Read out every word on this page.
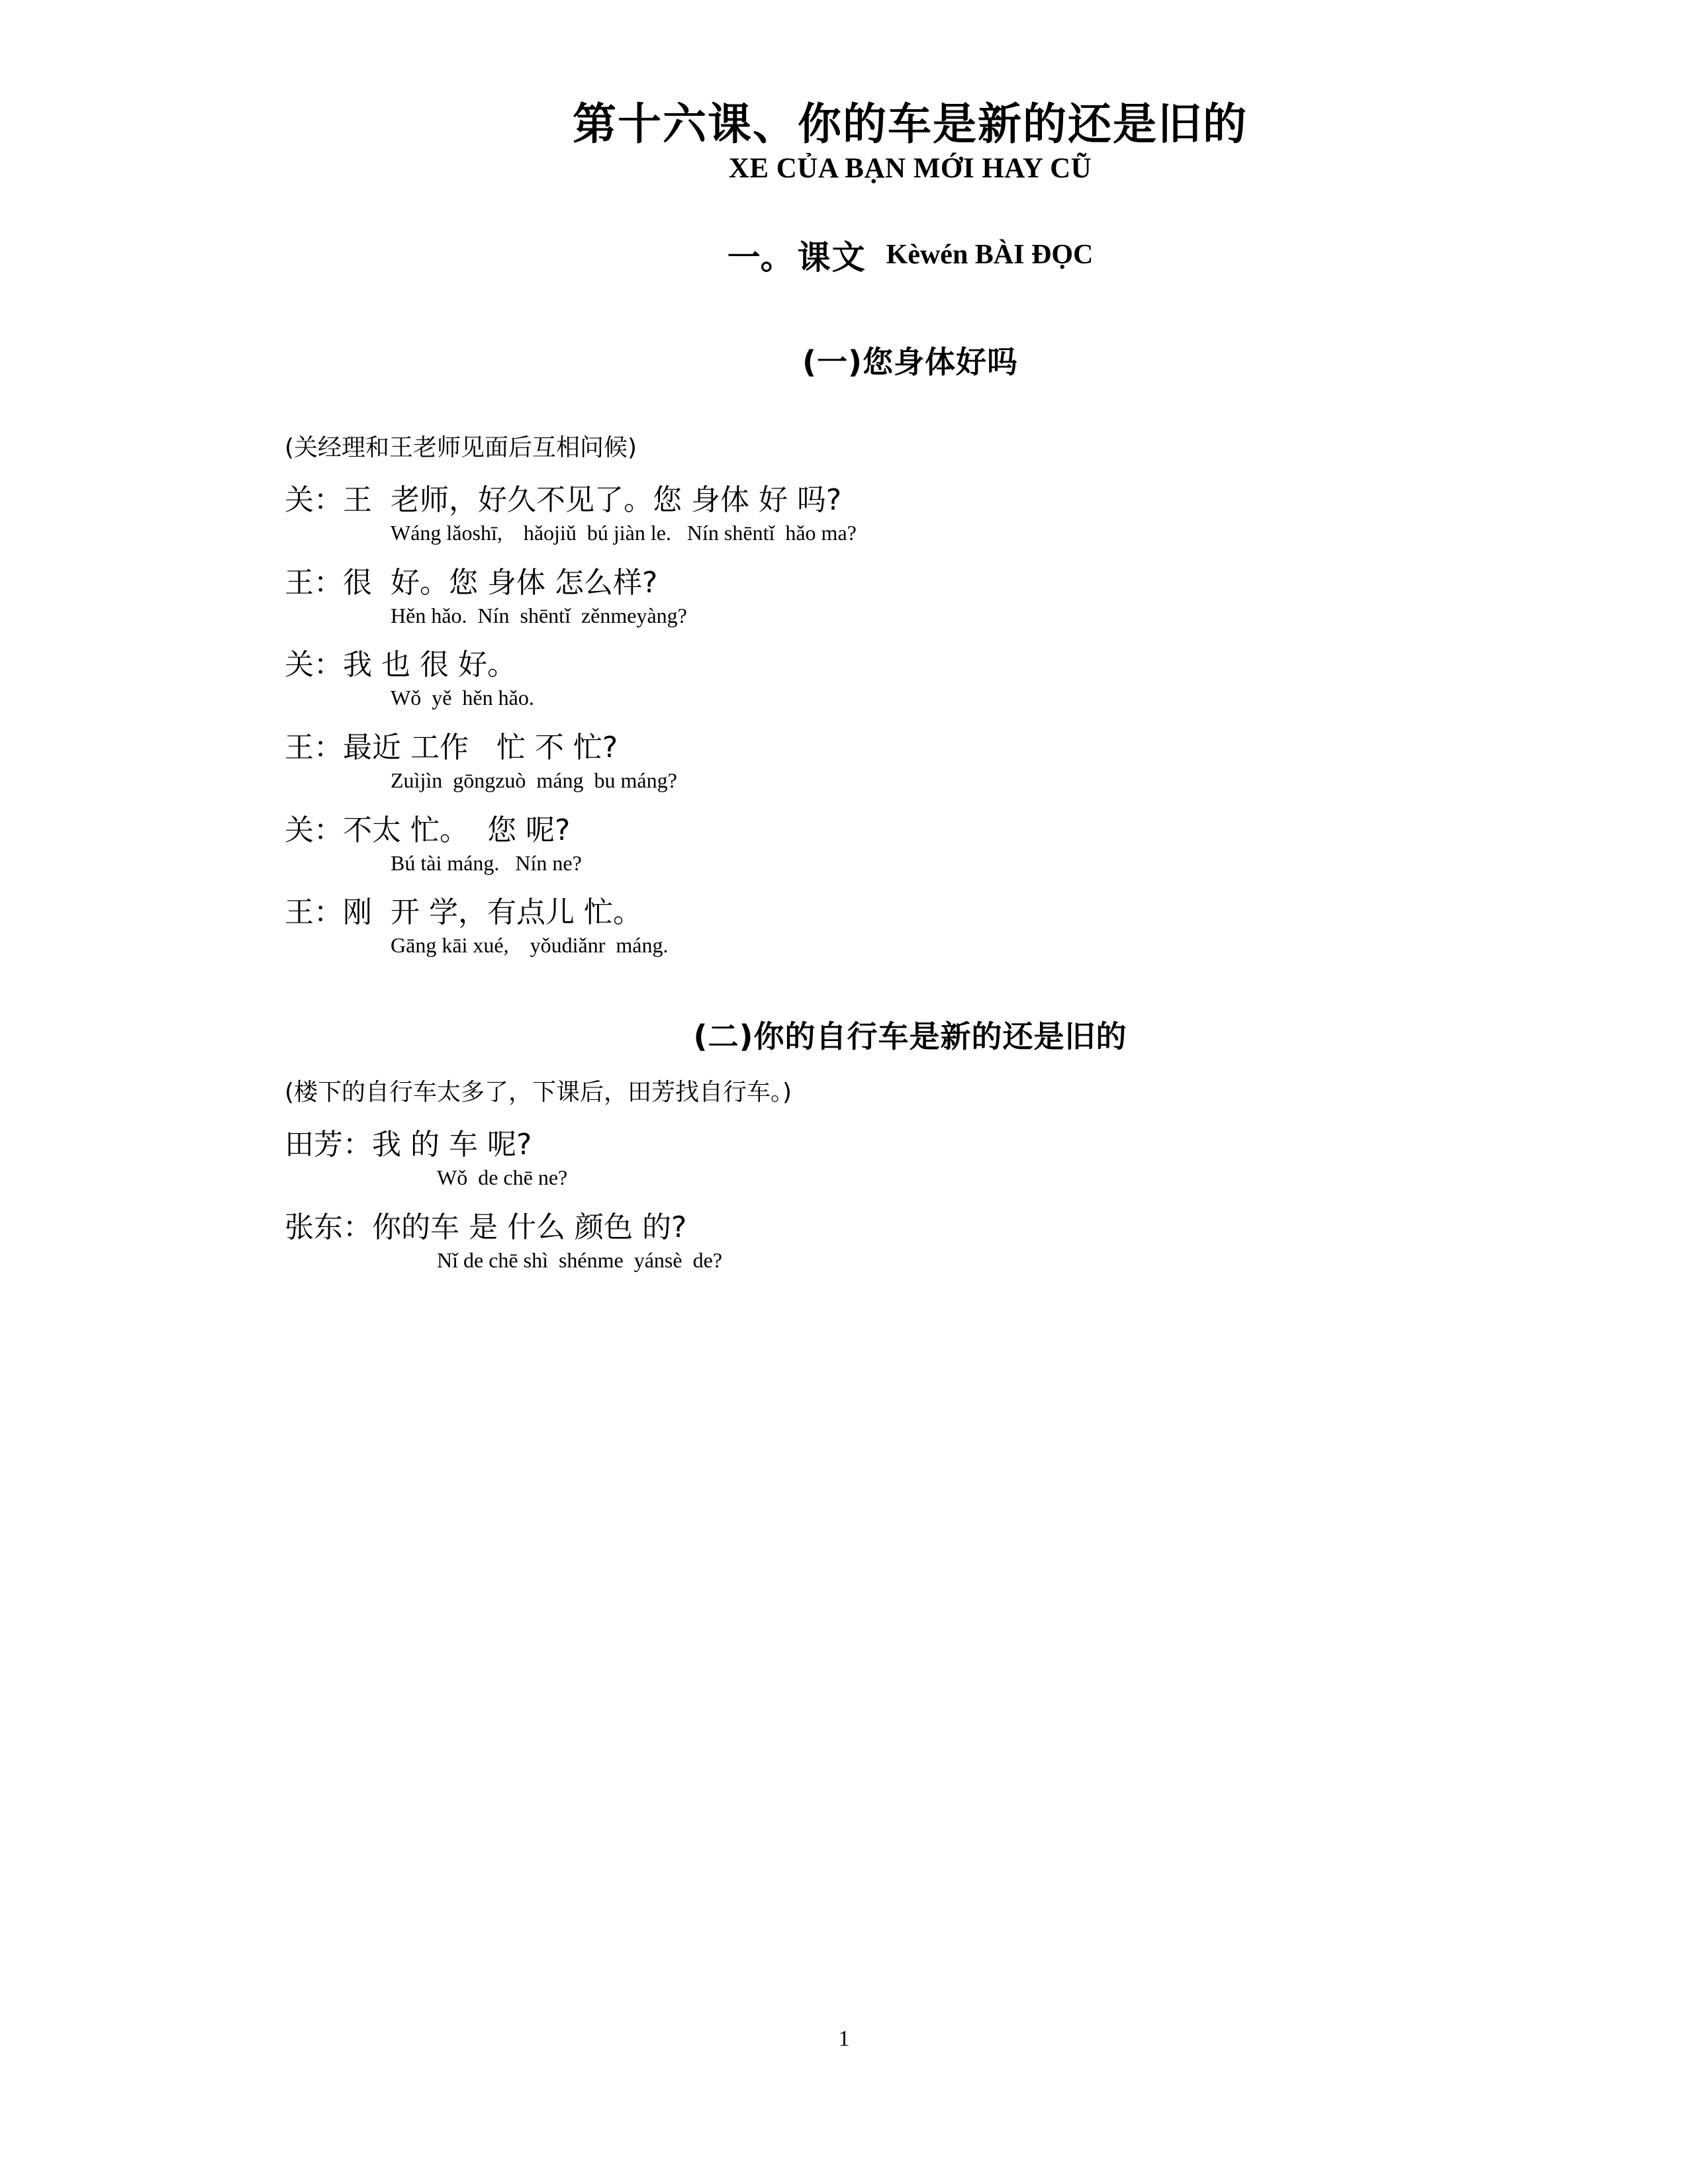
第十六课、你的车是新的还是旧的
XE CỦA BẠN MỚI HAY CŨ
一。 课文 Kèwén BÀI ĐỌC
(一)您身体好吗
(关经理和王老师见面后互相问候)
关：王  老师，好久不见了。您 身体 好 吗?
Wáng lǎoshī,    hǎojiǔ  bú jiàn le.   Nín shēntǐ  hǎo ma?
王：很  好。您 身体 怎么样?
Hěn hǎo.  Nín  shēntǐ  zěnmeyàng?
关：我 也 很 好。
Wǒ  yě  hěn hǎo.
王：最近 工作   忙 不 忙?
Zuìjìn  gōngzuò  máng  bu máng?
关：不太 忙。  您 呢?
Bú tài máng.   Nín ne?
王：刚  开 学，有点儿 忙。
Gāng kāi xué,    yǒudiǎnr  máng.
(二)你的自行车是新的还是旧的
(楼下的自行车太多了，下课后，田芳找自行车。)
田芳：我 的 车 呢?
Wǒ  de chē ne?
张东：你的车 是 什么 颜色 的?
Nǐ de chē shì  shénme  yánsè  de?
1
